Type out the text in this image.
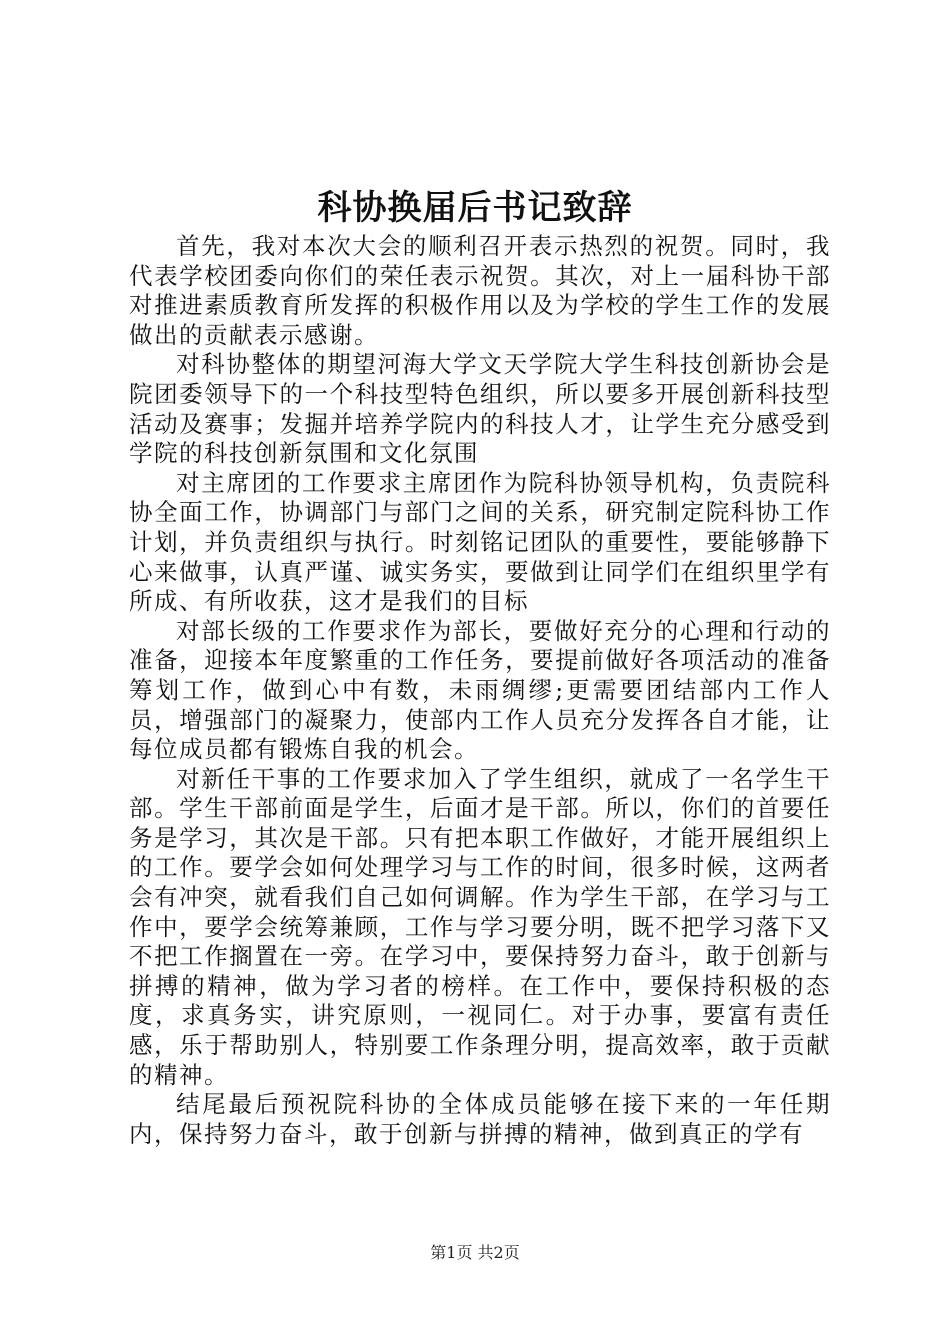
科协换届后书记致辞

首先，我对本次大会的顺利召开表示热烈的祝贺。同时，我代表学校团委向你们的荣任表示祝贺。其次，对上一届科协干部对推进素质教育所发挥的积极作用以及为学校的学生工作的发展做出的贡献表示感谢。

对科协整体的期望河海大学文天学院大学生科技创新协会是院团委领导下的一个科技型特色组织，所以要多开展创新科技型活动及赛事；发掘并培养学院内的科技人才，让学生充分感受到学院的科技创新氛围和文化氛围

对主席团的工作要求主席团作为院科协领导机构，负责院科协全面工作，协调部门与部门之间的关系，研究制定院科协工作计划，并负责组织与执行。时刻铭记团队的重要性，要能够静下心来做事，认真严谨、诚实务实，要做到让同学们在组织里学有所成、有所收获，这才是我们的目标

对部长级的工作要求作为部长，要做好充分的心理和行动的准备，迎接本年度繁重的工作任务，要提前做好各项活动的准备筹划工作，做到心中有数，未雨绸缪;更需要团结部内工作人员，增强部门的凝聚力，使部内工作人员充分发挥各自才能，让每位成员都有锻炼自我的机会。

对新任干事的工作要求加入了学生组织，就成了一名学生干部。学生干部前面是学生，后面才是干部。所以，你们的首要任务是学习，其次是干部。只有把本职工作做好，才能开展组织上的工作。要学会如何处理学习与工作的时间，很多时候，这两者会有冲突，就看我们自己如何调解。作为学生干部，在学习与工作中，要学会统筹兼顾，工作与学习要分明，既不把学习落下又不把工作搁置在一旁。在学习中，要保持努力奋斗，敢于创新与拼搏的精神，做为学习者的榜样。在工作中，要保持积极的态度，求真务实，讲究原则，一视同仁。对于办事，要富有责任感，乐于帮助别人，特别要工作条理分明，提高效率，敢于贡献的精神。

结尾最后预祝院科协的全体成员能够在接下来的一年任期内，保持努力奋斗，敢于创新与拼搏的精神，做到真正的学有

第1页 共2页
